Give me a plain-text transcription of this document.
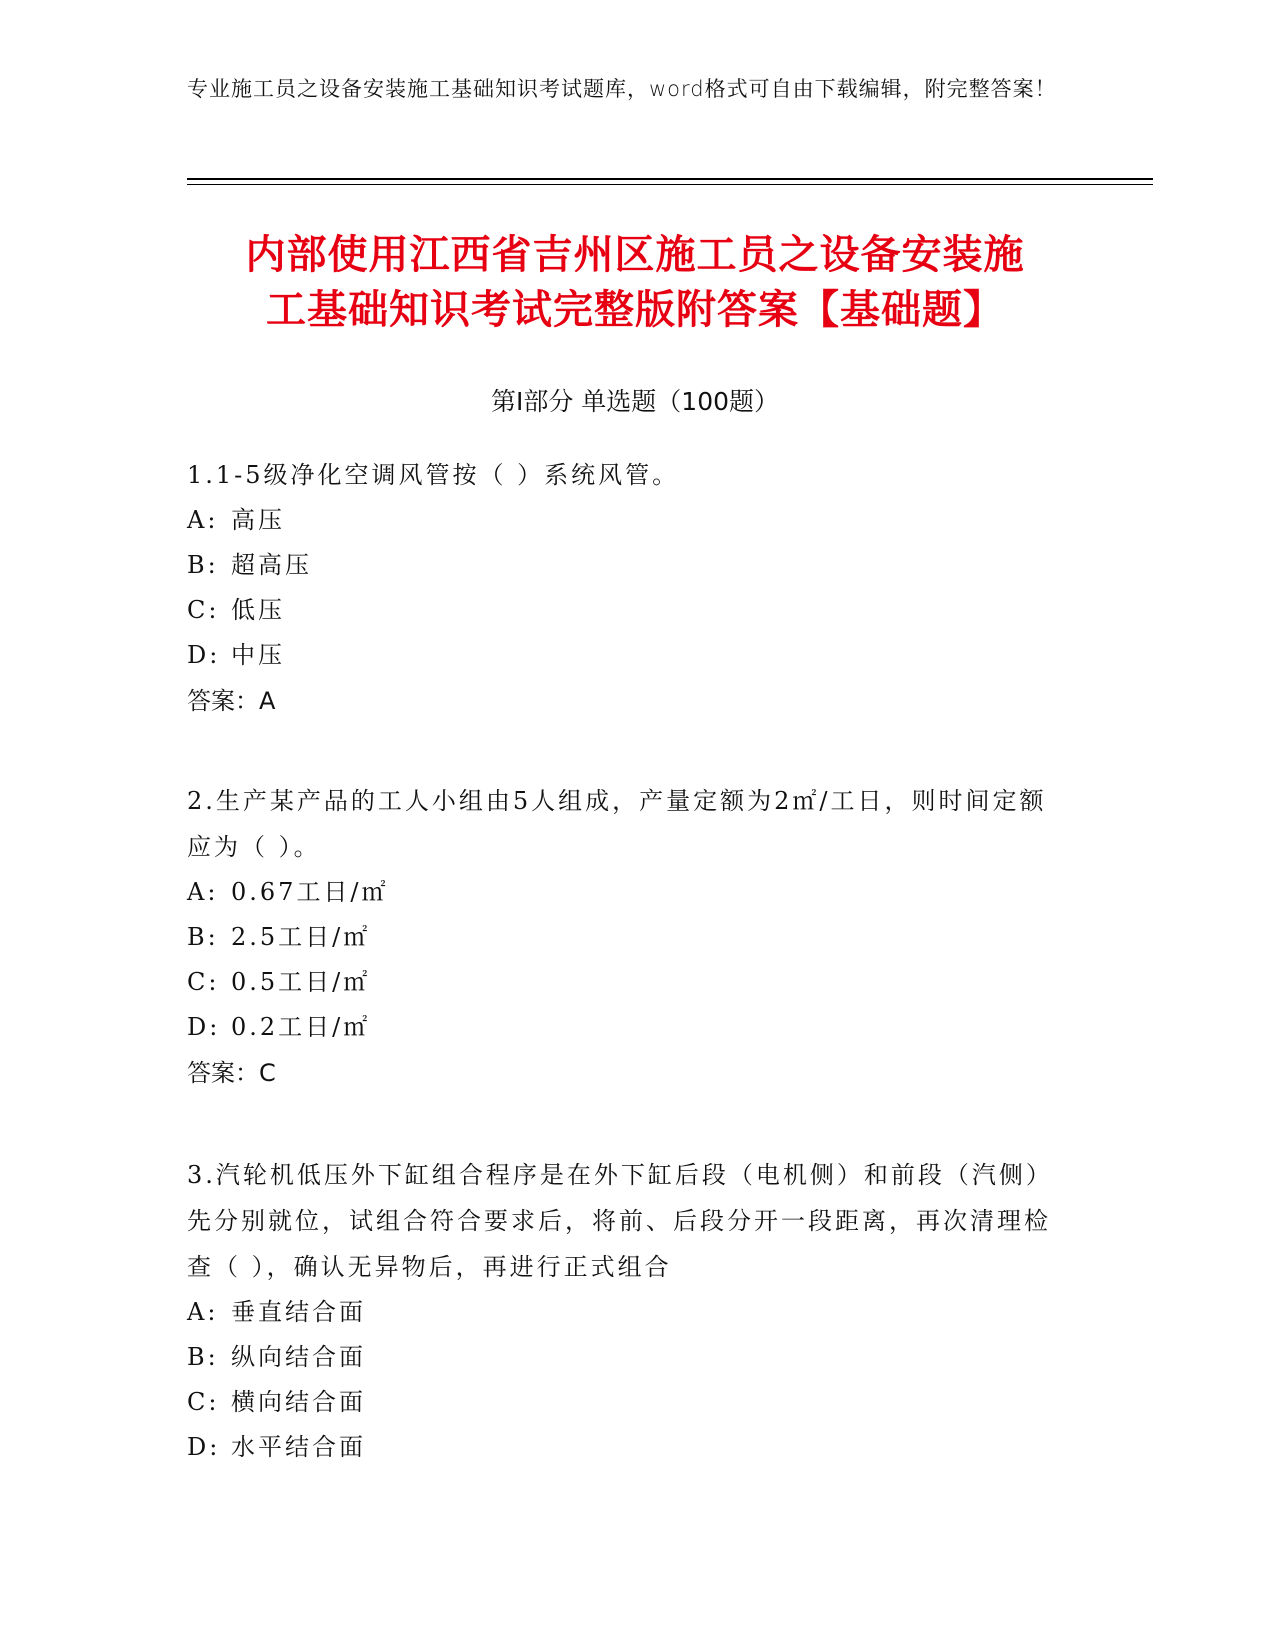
专业施工员之设备安装施工基础知识考试题库，word格式可自由下载编辑，附完整答案！
内部使用江西省吉州区施工员之设备安装施
工基础知识考试完整版附答案【基础题】
第Ⅰ部分 单选题（100题）
1.1-5级净化空调风管按（ ）系统风管。
A: 高压
B: 超高压
C: 低压
D: 中压
答案：A
2.生产某产品的工人小组由5人组成，产量定额为2㎡/工日，则时间定额应为（ ）。
A: 0.67工日/㎡
B: 2.5工日/㎡
C: 0.5工日/㎡
D: 0.2工日/㎡
答案：C
3.汽轮机低压外下缸组合程序是在外下缸后段（电机侧）和前段（汽侧）先分别就位，试组合符合要求后，将前、后段分开一段距离，再次清理检查（ ），确认无异物后，再进行正式组合
A: 垂直结合面
B: 纵向结合面
C: 横向结合面
D: 水平结合面
